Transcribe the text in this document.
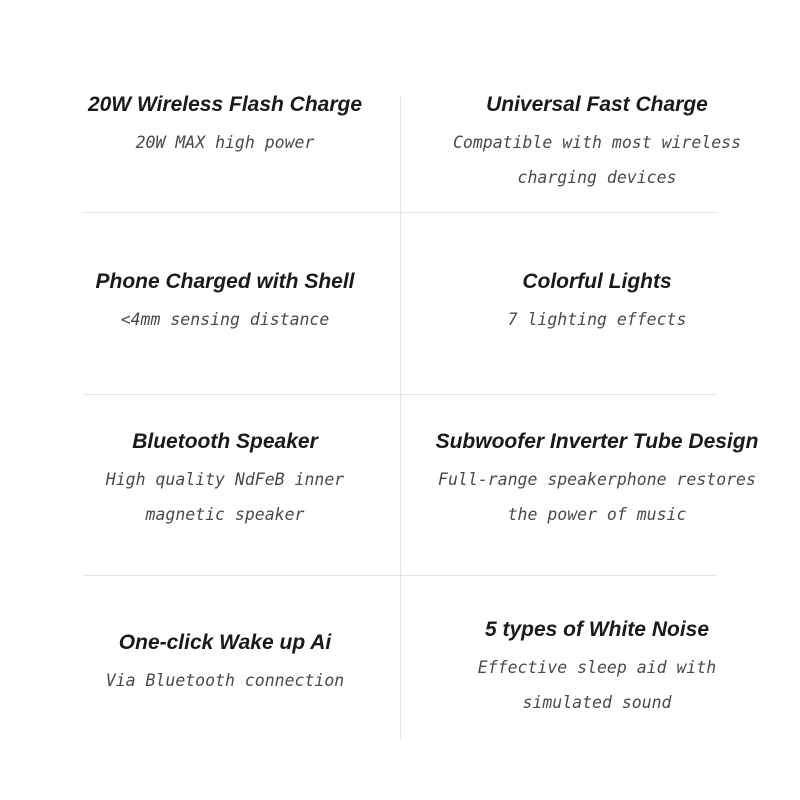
20W Wireless Flash Charge
20W MAX high power
Universal Fast Charge
Compatible with most wireless
charging devices
Phone Charged with Shell
<4mm sensing distance
Colorful Lights
7 lighting effects
Bluetooth Speaker
High quality NdFeB inner
magnetic speaker
Subwoofer Inverter Tube Design
Full-range speakerphone restores
the power of music
One-click Wake up Ai
Via Bluetooth connection
5 types of White Noise
Effective sleep aid with
simulated sound
